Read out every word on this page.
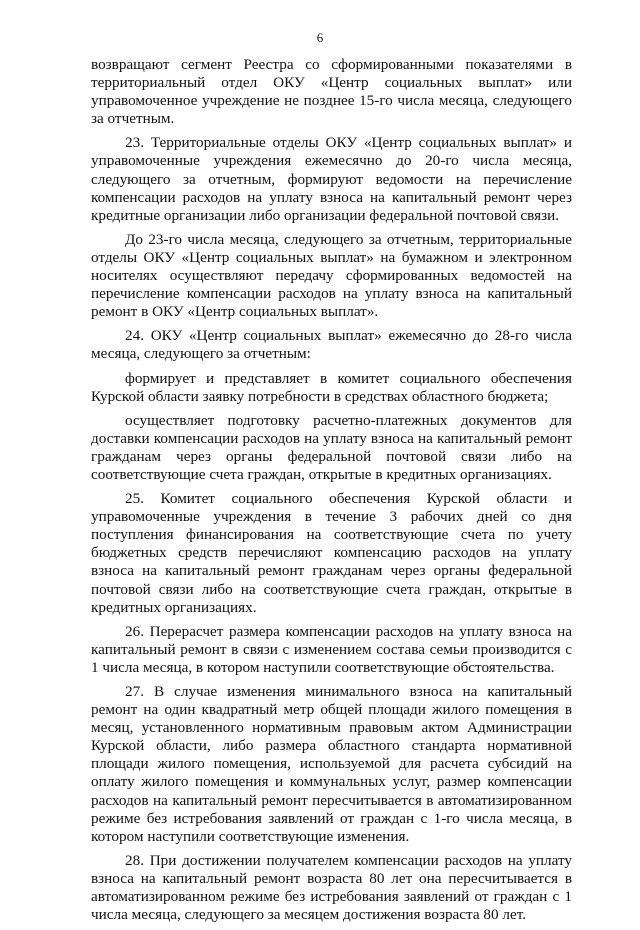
6

возвращают сегмент Реестра со сформированными показателями в территориальный отдел ОКУ «Центр социальных выплат» или управомоченное учреждение не позднее 15-го числа месяца, следующего за отчетным.

23. Территориальные отделы ОКУ «Центр социальных выплат» и управомоченные учреждения ежемесячно до 20-го числа месяца, следующего за отчетным, формируют ведомости на перечисление компенсации расходов на уплату взноса на капитальный ремонт через кредитные организации либо организации федеральной почтовой связи.

До 23-го числа месяца, следующего за отчетным, территориальные отделы ОКУ «Центр социальных выплат» на бумажном и электронном носителях осуществляют передачу сформированных ведомостей на перечисление компенсации расходов на уплату взноса на капитальный ремонт в ОКУ «Центр социальных выплат».

24. ОКУ «Центр социальных выплат» ежемесячно до 28-го числа месяца, следующего за отчетным:

формирует и представляет в комитет социального обеспечения Курской области заявку потребности в средствах областного бюджета;

осуществляет подготовку расчетно-платежных документов для доставки компенсации расходов на уплату взноса на капитальный ремонт гражданам через органы федеральной почтовой связи либо на соответствующие счета граждан, открытые в кредитных организациях.

25. Комитет социального обеспечения Курской области и управомоченные учреждения в течение 3 рабочих дней со дня поступления финансирования на соответствующие счета по учету бюджетных средств перечисляют компенсацию расходов на уплату взноса на капитальный ремонт гражданам через органы федеральной почтовой связи либо на соответствующие счета граждан, открытые в кредитных организациях.

26. Перерасчет размера компенсации расходов на уплату взноса на капитальный ремонт в связи с изменением состава семьи производится с 1 числа месяца, в котором наступили соответствующие обстоятельства.

27. В случае изменения минимального взноса на капитальный ремонт на один квадратный метр общей площади жилого помещения в месяц, установленного нормативным правовым актом Администрации Курской области, либо размера областного стандарта нормативной площади жилого помещения, используемой для расчета субсидий на оплату жилого помещения и коммунальных услуг, размер компенсации расходов на капитальный ремонт пересчитывается в автоматизированном режиме без истребования заявлений от граждан с 1-го числа месяца, в котором наступили соответствующие изменения.

28. При достижении получателем компенсации расходов на уплату взноса на капитальный ремонт возраста 80 лет она пересчитывается в автоматизированном режиме без истребования заявлений от граждан с 1 числа месяца, следующего за месяцем достижения возраста 80 лет.
